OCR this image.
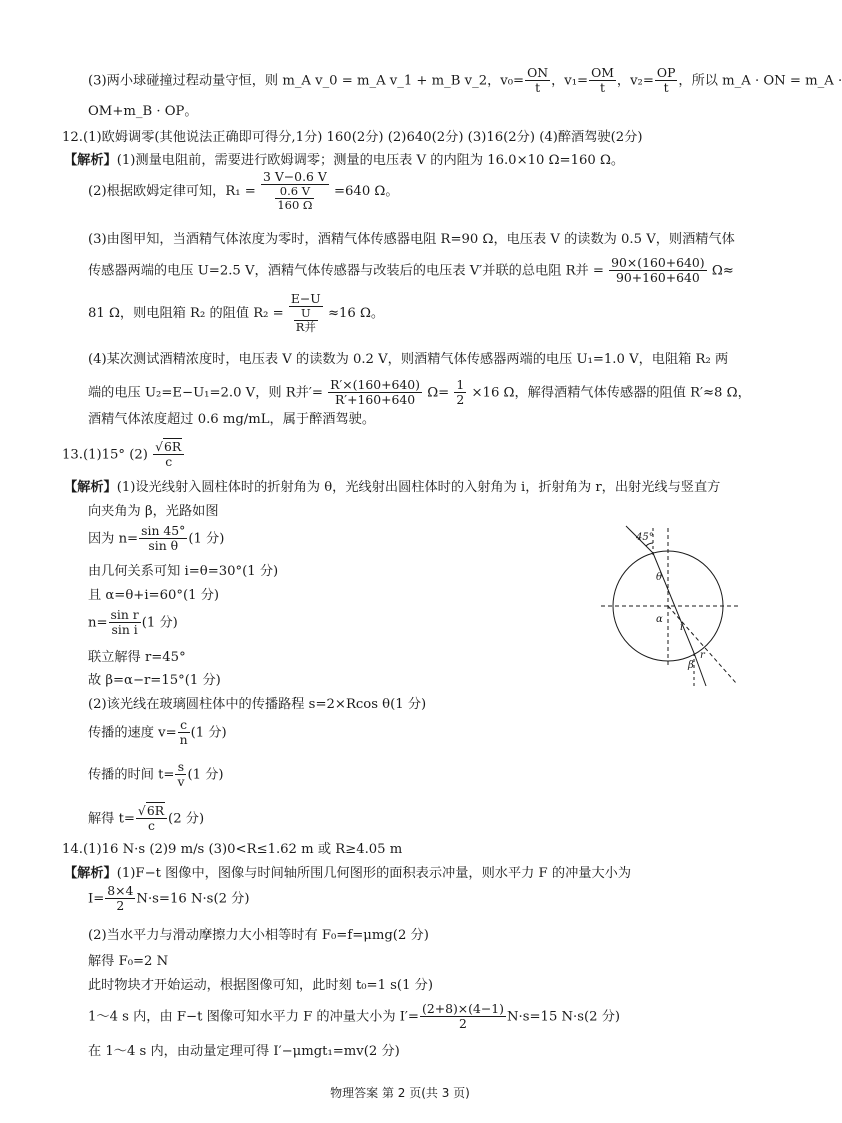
(3)两小球碰撞过程动量守恒，则 m_A v_0 = m_A v_1 + m_B v_2，$v_0= \frac{ON}{t}$ ，$v_1= \frac{OM}{t}$ ，$v_2= \frac{OP}{t}$ ，所以 m_A · ON = m_A ·
OM+m_B · OP。
12.(1)欧姆调零(其他说法正确即可得分,1分) 160(2分) (2)640(2分) (3)16(2分) (4)醉酒驾驶(2分)
【解析】(1)测量电阻前，需要进行欧姆调零；测量的电压表 V 的内阻为 16.0×10 Ω=160 Ω。
(2)根据欧姆定律可知，$R_1 = \frac{3 V-0.6 V}{\frac{0.6 V}{160 \Omega}} =640$ Ω。
(3)由图甲知，当酒精气体浓度为零时，酒精气体传感器电阻 R=90 Ω，电压表 V 的读数为 0.5 V，则酒精气体
传感器两端的电压 U=2.5 V，酒精气体传感器与改装后的电压表 V′并联的总电阻 R并 = $\frac{90\times(160+640)}{90+160+640} \Omega\approx$
81 Ω，则电阻箱 R₂ 的阻值 R₂ = E−U
U
R并 ≈16 Ω。
(4)某次测试酒精浓度时，电压表 V 的读数为 0.2 V，则酒精气体传感器两端的电压 U₁=1.0 V，电阻箱 R₂ 两
端的电压 U₂=E−U₁=2.0 V，则 R并′= $\frac{R'\times(160+640)}{R'+160+640} \Omega= \frac{1}{2} \times 16$ Ω，解得酒精气体传感器的阻值 R′≈8 Ω，
酒精气体浓度超过 0.6 mg/mL，属于醉酒驾驶。
13.(1)15° $(2) \frac{√6R}{c}$
【解析】(1)设光线射入圆柱体时的折射角为 θ，光线射出圆柱体时的入射角为 i，折射角为 r，出射光线与竖直方
向夹角为 β，光路如图
因为 $n= \frac{\sin 45^\circ}{\text{sin θ}} (1$ 分)
由几何关系可知 i=θ=30°(1 分)
且 α=θ+i=60°(1 分)
$n= \frac{\text{sin r}}{\text{sin i}} (1$ 分)
联立解得 r=45°
故 β=α−r=15°(1 分)
(2)该光线在玻璃圆柱体中的传播路程 s=2×Rcos θ(1 分)
传播的速度 $v= \frac{c}{n} (1$ 分)
传播的时间 $t= \frac{s}{v} (1$ 分)
解得 $t= \frac{√6R}{c} (2$ 分)
45°
θ
α
i
r
β
14.(1)16 N·s (2)9 m/s (3)0<R≤1.62 m 或 R≥4.05 m
【解析】(1)F−t 图像中，图像与时间轴所围几何图形的面积表示冲量，则水平力 F 的冲量大小为
$I= \frac{8\times 4}{2} N\cdot s=16$ N·s(2 分)
(2)当水平力与滑动摩擦力大小相等时有 F₀=f=μmg(2 分)
解得 F₀=2 N
此时物块才开始运动，根据图像可知，此时刻 t₀=1 s(1 分)
1～4 s 内，由 F−t 图像可知水平力 F 的冲量大小为 $I'= \frac{(2+8)\times(4-1)}{2} N\cdot s=15$ N·s(2 分)
在 1～4 s 内，由动量定理可得 I′−μmgt₁=mv(2 分)
物理答案 第 2 页(共 3 页)
